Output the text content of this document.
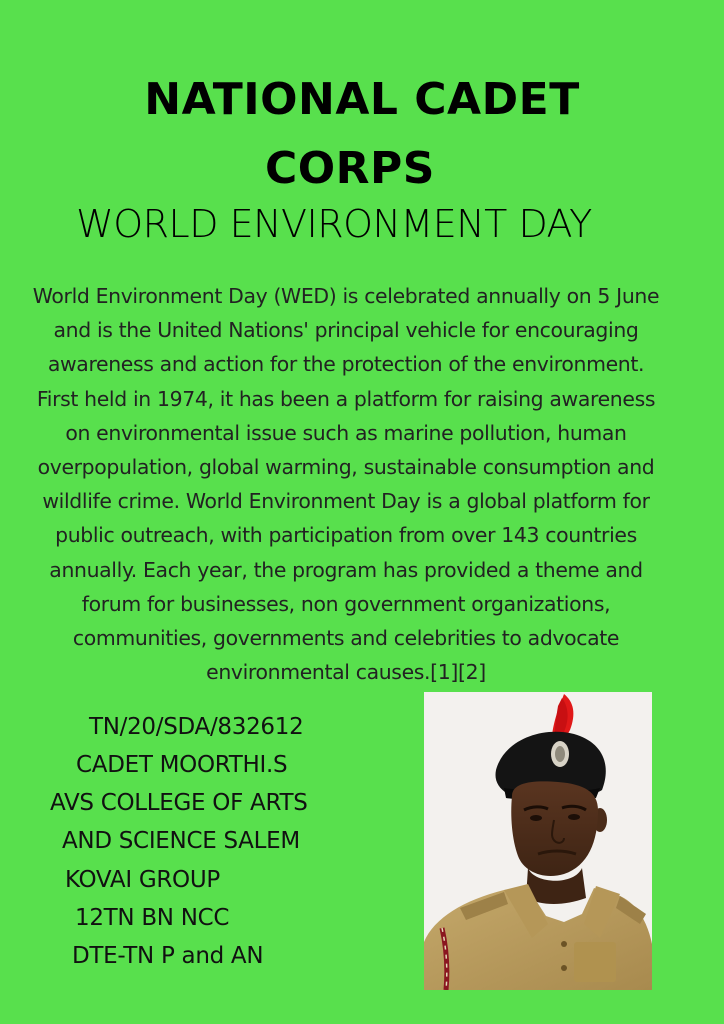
NATIONAL CADET
CORPS
WORLD ENVIRONMENT DAY
World Environment Day (WED) is celebrated annually on 5 June
and is the United Nations' principal vehicle for encouraging
awareness and action for the protection of the environment.
First held in 1974, it has been a platform for raising awareness
on environmental issue such as marine pollution, human
overpopulation, global warming, sustainable consumption and
wildlife crime. World Environment Day is a global platform for
public outreach, with participation from over 143 countries
annually. Each year, the program has provided a theme and
forum for businesses, non government organizations,
communities, governments and celebrities to advocate
environmental causes.[1][2]
TN/20/SDA/832612
CADET MOORTHI.S
AVS COLLEGE OF ARTS
AND SCIENCE SALEM
KOVAI GROUP
12TN BN NCC
DTE-TN P and AN
